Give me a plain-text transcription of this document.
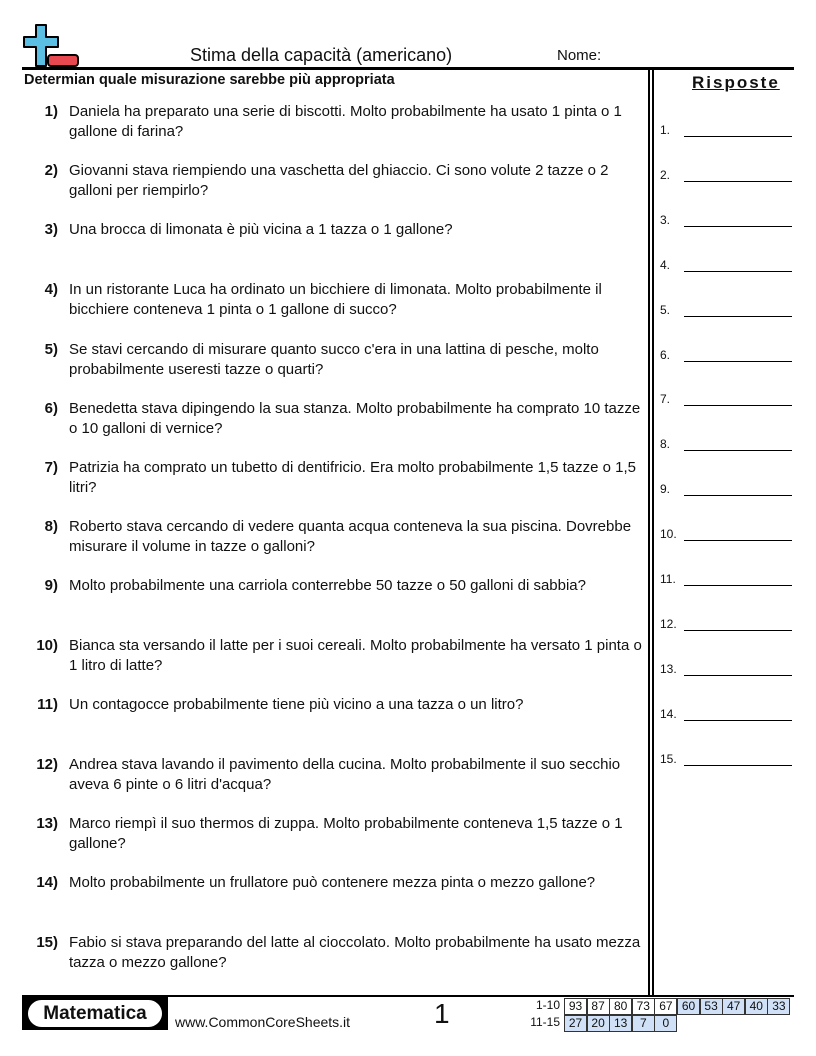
Stima della capacità (americano)	Nome:
Determian quale misurazione sarebbe più appropriata	Risposte
1) Daniela ha preparato una serie di biscotti. Molto probabilmente ha usato 1 pinta o 1 gallone di farina?
2) Giovanni stava riempiendo una vaschetta del ghiaccio. Ci sono volute 2 tazze o 2 galloni per riempirlo?
3) Una brocca di limonata è più vicina a 1 tazza o 1 gallone?
4) In un ristorante Luca ha ordinato un bicchiere di limonata. Molto probabilmente il bicchiere conteneva 1 pinta o 1 gallone di succo?
5) Se stavi cercando di misurare quanto succo c'era in una lattina di pesche, molto probabilmente useresti tazze o quarti?
6) Benedetta stava dipingendo la sua stanza. Molto probabilmente ha comprato 10 tazze o 10 galloni di vernice?
7) Patrizia ha comprato un tubetto di dentifricio. Era molto probabilmente 1,5 tazze o 1,5 litri?
8) Roberto stava cercando di vedere quanta acqua conteneva la sua piscina. Dovrebbe misurare il volume in tazze o galloni?
9) Molto probabilmente una carriola conterrebbe 50 tazze o 50 galloni di sabbia?
10) Bianca sta versando il latte per i suoi cereali. Molto probabilmente ha versato 1 pinta o 1 litro di latte?
11) Un contagocce probabilmente tiene più vicino a una tazza o un litro?
12) Andrea stava lavando il pavimento della cucina. Molto probabilmente il suo secchio aveva 6 pinte o 6 litri d'acqua?
13) Marco riempì il suo thermos di zuppa. Molto probabilmente conteneva 1,5 tazze o 1 gallone?
14) Molto probabilmente un frullatore può contenere mezza pinta o mezzo gallone?
15) Fabio si stava preparando del latte al cioccolato. Molto probabilmente ha usato mezza tazza o mezzo gallone?
1.
2.
3.
4.
5.
6.
7.
8.
9.
10.
11.
12.
13.
14.
15.
Matematica	www.CommonCoreSheets.it	1	1-10 93 87 80 73 67 60 53 47 40 33
11-15 27 20 13	7	0
